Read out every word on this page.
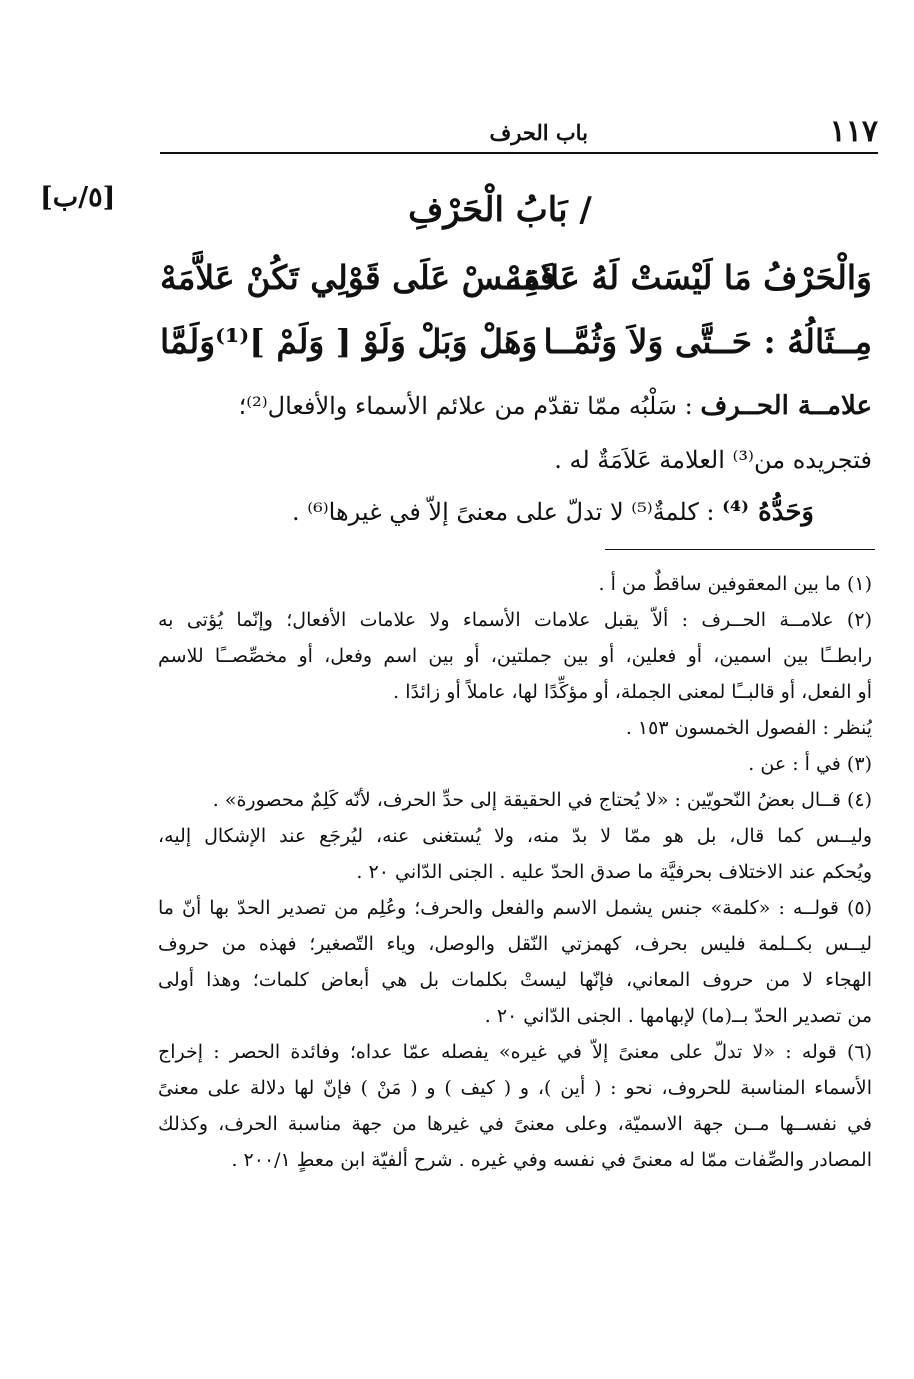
١١٧
باب الحرف
[٥/ب]	/ بَابُ الْحَرْفِ
وَالْحَرْفُ مَا لَيْسَتْ لَهُ عَلامَهْ
فَقِــسْ عَلَى قَوْلِي تَكُنْ عَلاَّمَهْ
مِــثَالُهُ : حَــتَّى وَلاَ وَثُمَّــا
وَهَلْ وَبَلْ وَلَوْ [ وَلَمْ ]⁽¹⁾وَلَمَّا
علامــة الحــرف : سَلْبُه ممّا تقدّم من علائم الأسماء والأفعال⁽²⁾؛
فتجريده من⁽³⁾ العلامة عَلاَمَةٌ له .
وَحَدُّهُ ⁽⁴⁾ : كلمةٌ⁽⁵⁾ لا تدلّ على معنىً إلاّ في غيرها⁽⁶⁾ .
(١) ما بين المعقوفين ساقطٌ من أ .
(٢) علامــة الحــرف : ألاّ يقبل علامات الأسماء ولا علامات الأفعال؛ وإنّما يُؤتى به
رابطــًا بين اسمين، أو فعلين، أو بين جملتين، أو بين اسم وفعل، أو مخصِّصــًا للاسم
أو الفعل، أو قالبــًا لمعنى الجملة، أو مؤكِّدًا لها، عاملاً أو زائدًا .
يُنظر : الفصول الخمسون ١٥٣ .
(٣) في أ : عن .
(٤) قــال بعضُ النّحويّين : «لا يُحتاج في الحقيقة إلى حدِّ الحرف، لأنّه كَلِمٌ محصورة» .
وليــس كما قال، بل هو ممّا لا بدّ منه، ولا يُستغنى عنه، ليُرجَع عند الإشكال إليه،
ويُحكم عند الاختلاف بحرفيَّة ما صدق الحدّ عليه . الجنى الدّاني ٢٠ .
(٥) قولــه : «كلمة» جنس يشمل الاسم والفعل والحرف؛ وعُلِم من تصدير الحدّ بها أنّ ما
ليــس بكــلمة فليس بحرف، كهمزتي النّقل والوصل، وياء التّصغير؛ فهذه من حروف
الهجاء لا من حروف المعاني، فإنّها ليستْ بكلمات بل هي أبعاض كلمات؛ وهذا أولى
من تصدير الحدّ بــ(ما) لإبهامها . الجنى الدّاني ٢٠ .
(٦) قوله : «لا تدلّ على معنىً إلاّ في غيره» يفصله عمّا عداه؛ وفائدة الحصر : إخراج
الأسماء المناسبة للحروف، نحو : ( أين )، و ( كيف ) و ( مَنْ ) فإنّ لها دلالة على معنىً
في نفســها مــن جهة الاسميّة، وعلى معنىً في غيرها من جهة مناسبة الحرف، وكذلك
المصادر والصِّفات ممّا له معنىً في نفسه وفي غيره . شرح ألفيّة ابن معطٍ ٢٠٠/١ .
